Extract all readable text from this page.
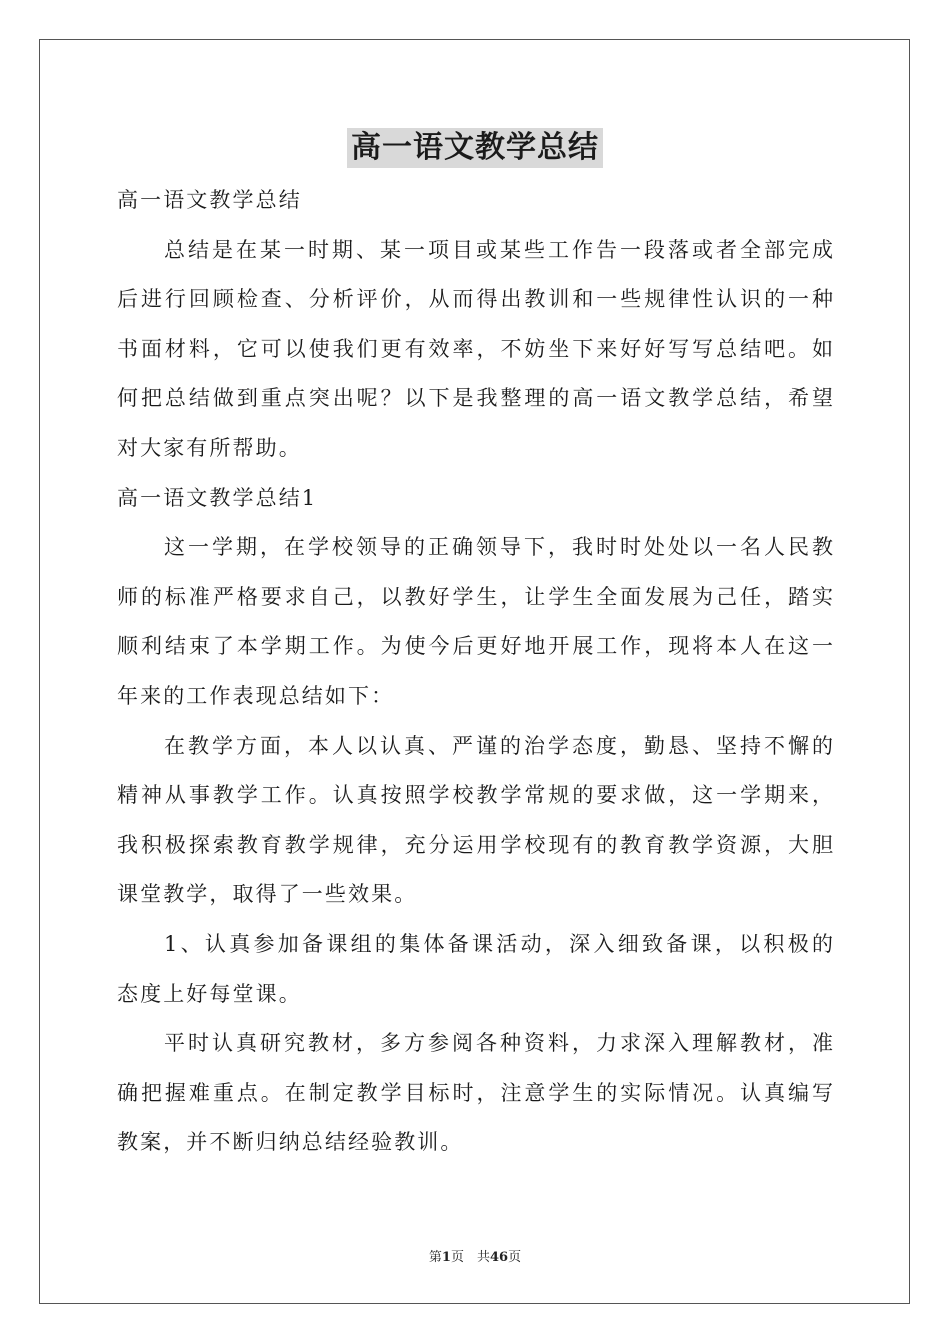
高一语文教学总结
高一语文教学总结
总结是在某一时期、某一项目或某些工作告一段落或者全部完成
后进行回顾检查、分析评价，从而得出教训和一些规律性认识的一种
书面材料，它可以使我们更有效率，不妨坐下来好好写写总结吧。如
何把总结做到重点突出呢？以下是我整理的高一语文教学总结，希望
对大家有所帮助。
高一语文教学总结1
这一学期，在学校领导的正确领导下，我时时处处以一名人民教
师的标准严格要求自己，以教好学生，让学生全面发展为己任，踏实
顺利结束了本学期工作。为使今后更好地开展工作，现将本人在这一
年来的工作表现总结如下：
在教学方面，本人以认真、严谨的治学态度，勤恳、坚持不懈的
精神从事教学工作。认真按照学校教学常规的要求做，这一学期来，
我积极探索教育教学规律，充分运用学校现有的教育教学资源，大胆
课堂教学，取得了一些效果。
1、认真参加备课组的集体备课活动，深入细致备课，以积极的
态度上好每堂课。
平时认真研究教材，多方参阅各种资料，力求深入理解教材，准
确把握难重点。在制定教学目标时，注意学生的实际情况。认真编写
教案，并不断归纳总结经验教训。
第1页　共46页
